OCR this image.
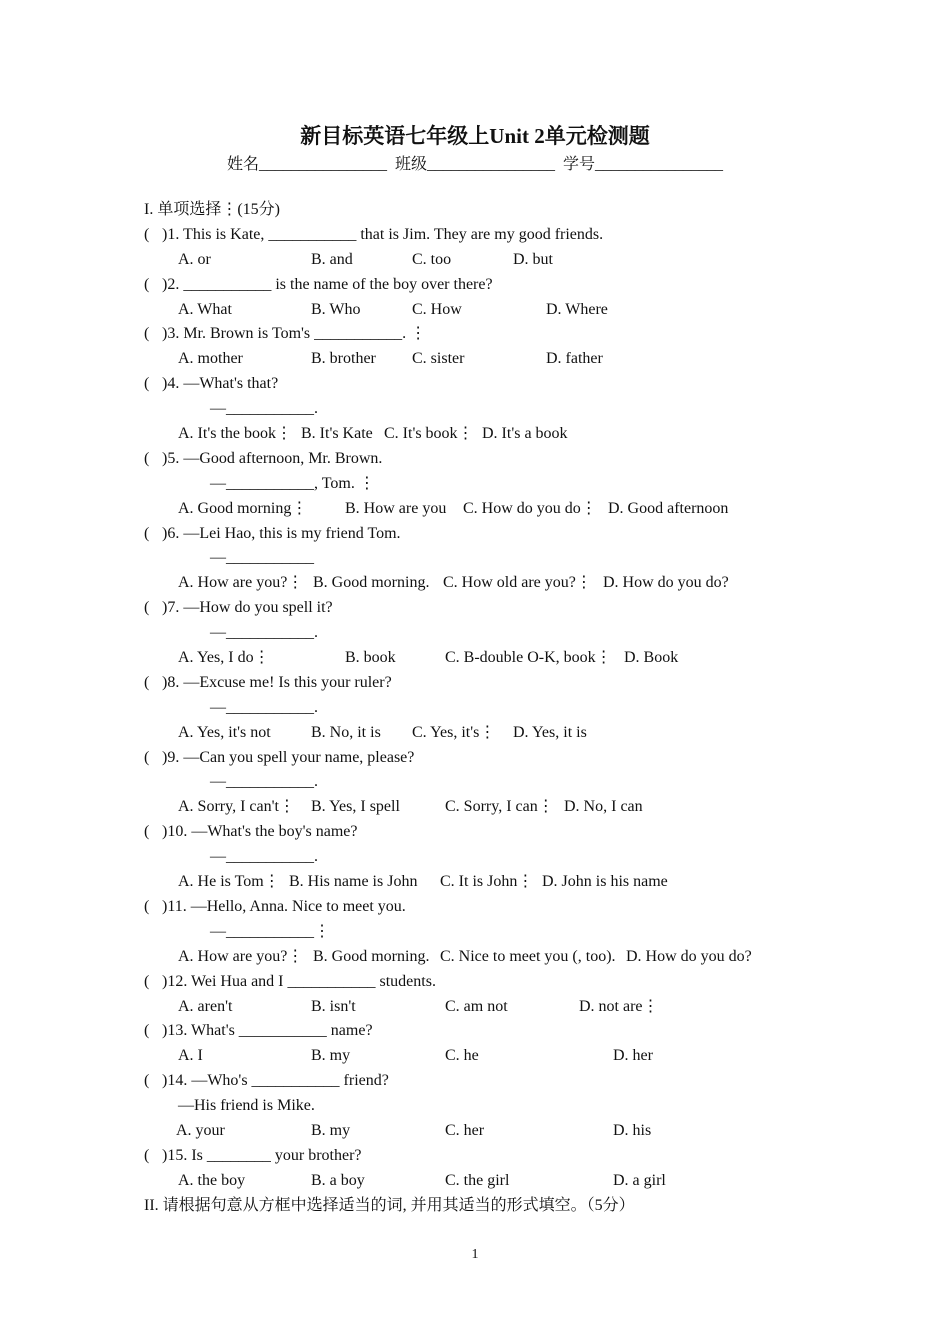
新目标英语七年级上Unit 2单元检测题
姓名________________  班级________________  学号________________
I. 单项选择⋮(15分)
( )1. This is Kate, ___________ that is Jim. They are my good friends.
A. or	B. and	C. too	D. but
( )2. ___________ is the name of the boy over there?
A. What	B. Who	C. How	D. Where
( )3. Mr. Brown is Tom's ___________. ⋮
A. mother	B. brother C. sister	D. father
( )4. —What's that?
—___________.
A. It's the book⋮ B. It's Kate C. It's book⋮ D. It's a book
( )5. —Good afternoon, Mr. Brown.
—___________, Tom. ⋮
A. Good morning⋮ B. How are you C. How do you do⋮ D. Good afternoon
( )6. —Lei Hao, this is my friend Tom.
—___________
A. How are you?⋮ B. Good morning. C. How old are you?⋮ D. How do you do?
( )7. —How do you spell it?
—___________.
A. Yes, I do⋮	B. book	C. B-double O-K, book⋮ D. Book
( )8. —Excuse me! Is this your ruler?
—___________.
A. Yes, it's not	B. No, it is C. Yes, it's⋮ D. Yes, it is
( )9. —Can you spell your name, please?
—___________.
A. Sorry, I can't⋮ B. Yes, I spell	C. Sorry, I can⋮ D. No, I can
( )10. —What's the boy's name?
—___________.
A. He is Tom⋮ B. His name is John C. It is John⋮ D. John is his name
( )11. —Hello, Anna. Nice to meet you.
—___________⋮
A. How are you?⋮ B. Good morning. C. Nice to meet you (, too). D. How do you do?
( )12. Wei Hua and I ___________ students.
A. aren't	B. isn't	C. am not	D. not are⋮
( )13. What's ___________ name?
A. I	B. my	C. he	D. her
( )14. —Who's ___________ friend?
—His friend is Mike.
A. your	B. my	C. her	D. his
( )15. Is ________ your brother?
A. the boy	B. a boy	C. the girl	D. a girl
II. 请根据句意从方框中选择适当的词, 并用其适当的形式填空。（5分）
1
